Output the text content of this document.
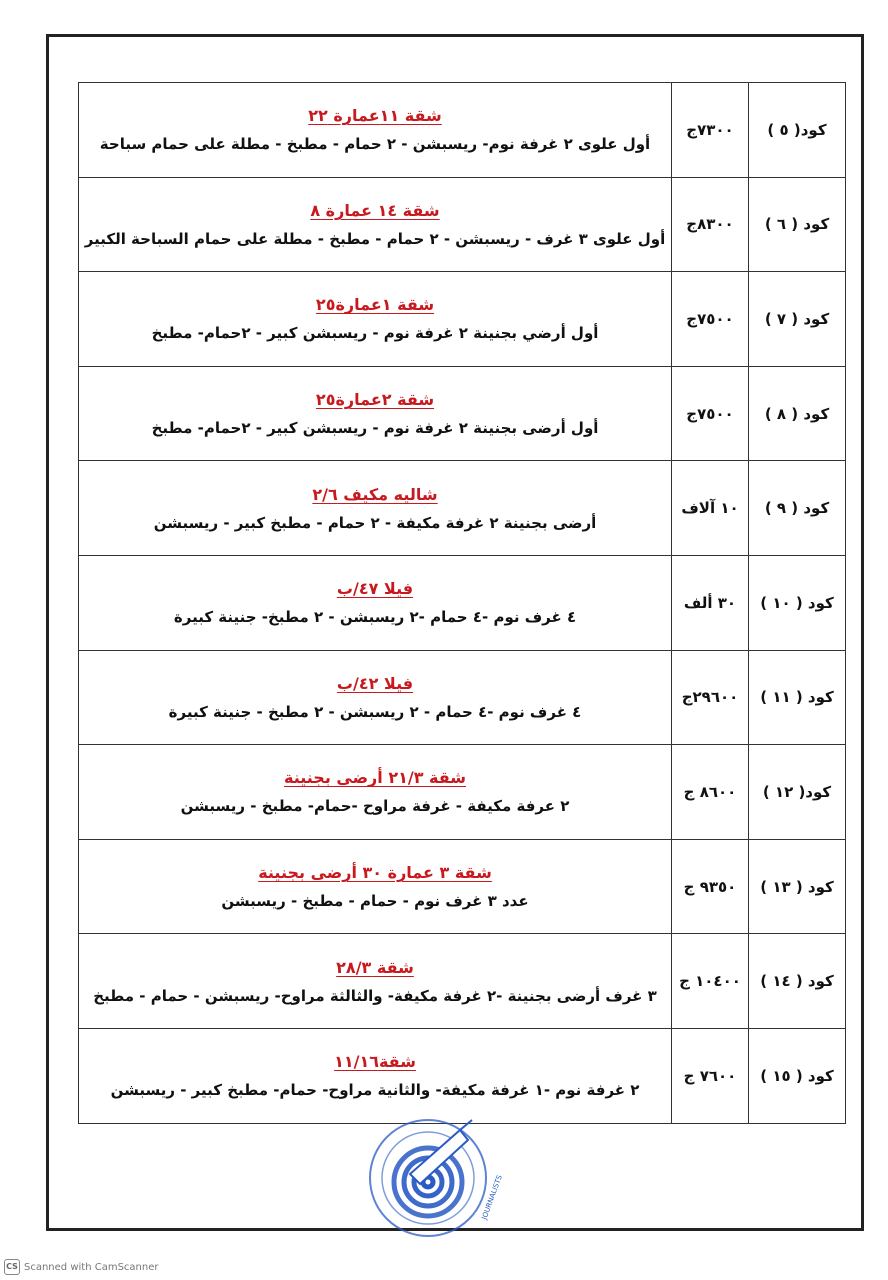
كود( ٥ )	٧٣٠٠ج	شقة ١١عمارة ٢٢
أول علوى ٢ غرفة نوم- ريسبشن - ٢ حمام - مطبخ - مطلة على حمام سباحة

كود ( ٦ )	٨٣٠٠ج	شقة ١٤ عمارة ٨
أول علوى ٣ غرف - ريسبشن - ٢ حمام - مطبخ - مطلة على حمام السباحة الكبير

كود ( ٧ )	٧٥٠٠ج	شقة ١عمارة٢٥
أول أرضي بجنينة ٢ غرفة نوم - ريسبشن كبير - ٢حمام- مطبخ

كود ( ٨ )	٧٥٠٠ج	شقة ٢عمارة٢٥
أول أرضى بجنينة ٢ غرفة نوم - ريسبشن كبير - ٢حمام- مطبخ

كود ( ٩ )	١٠ آلاف	شاليه مكيف ٢/٦
أرضى بجنينة ٢ غرفة مكيفة - ٢ حمام - مطبخ كبير - ريسبشن

كود ( ١٠ )	٣٠ ألف	فيلا ٤٧/ب
٤ غرف نوم -٤ حمام -٢ ريسبشن - ٢ مطبخ- جنينة كبيرة

كود ( ١١ )	٢٩٦٠٠ج	فيلا ٤٢/ب
٤ غرف نوم -٤ حمام - ٢ ريسبشن - ٢ مطبخ - جنينة كبيرة

كود( ١٢ )	٨٦٠٠ ج	شقة ٢١/٣ أرضي بجنينة
٢ عرفة مكيفة - غرفة مراوح -حمام- مطبخ - ريسبشن

كود ( ١٣ )	٩٣٥٠ ج	شقة ٣ عمارة ٣٠ أرضى بجنينة
عدد ٣ غرف نوم - حمام - مطبخ - ريسبشن

كود ( ١٤ )	١٠٤٠٠ ج	شقة ٢٨/٣
٣ غرف أرضى بجنينة -٢ غرفة مكيفة- والثالثة مراوح- ريسبشن - حمام - مطبخ

كود ( ١٥ )	٧٦٠٠ ج	شقة١١/١٦
٢ غرفة نوم -١ غرفة مكيفة- والثانية مراوح- حمام- مطبخ كبير - ريسبشن
JOURNALISTS
CS Scanned with CamScanner
